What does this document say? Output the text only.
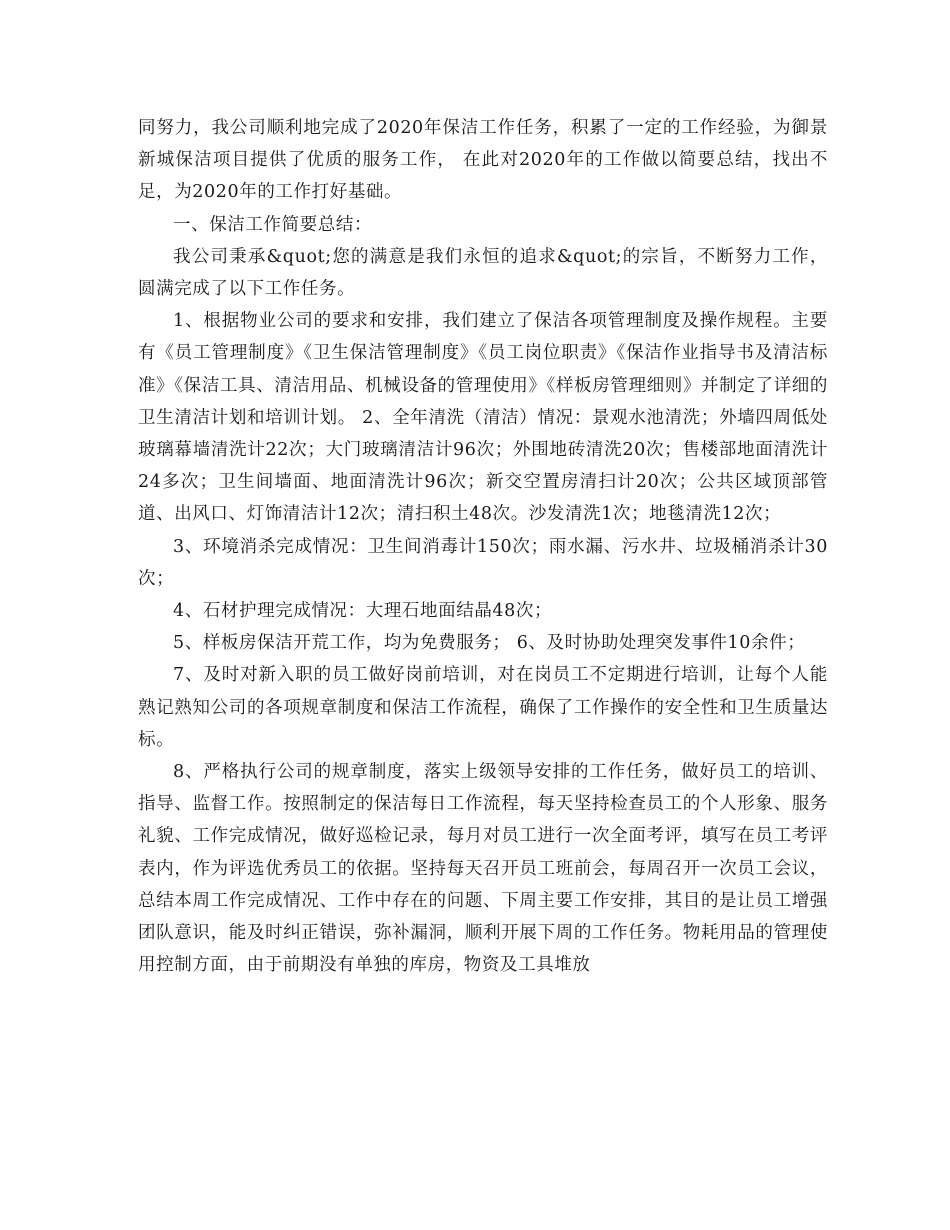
同努力，我公司顺利地完成了2020年保洁工作任务，积累了一定的工作经验，为御景新城保洁项目提供了优质的服务工作， 在此对2020年的工作做以简要总结，找出不足，为2020年的工作打好基础。

一、保洁工作简要总结：

我公司秉承&quot;您的满意是我们永恒的追求&quot;的宗旨，不断努力工作，圆满完成了以下工作任务。

1、根据物业公司的要求和安排，我们建立了保洁各项管理制度及操作规程。主要有《员工管理制度》《卫生保洁管理制度》《员工岗位职责》《保洁作业指导书及清洁标准》《保洁工具、清洁用品、机械设备的管理使用》《样板房管理细则》并制定了详细的卫生清洁计划和培训计划。 2、全年清洗（清洁）情况：景观水池清洗；外墙四周低处玻璃幕墙清洗计22次；大门玻璃清洁计96次；外围地砖清洗20次；售楼部地面清洗计24多次；卫生间墙面、地面清洗计96次；新交空置房清扫计20次；公共区域顶部管道、出风口、灯饰清洁计12次；清扫积土48次。沙发清洗1次；地毯清洗12次；

3、环境消杀完成情况：卫生间消毒计150次；雨水漏、污水井、垃圾桶消杀计30次；

4、石材护理完成情况：大理石地面结晶48次；

5、样板房保洁开荒工作，均为免费服务； 6、及时协助处理突发事件10余件；

7、及时对新入职的员工做好岗前培训，对在岗员工不定期进行培训，让每个人能熟记熟知公司的各项规章制度和保洁工作流程，确保了工作操作的安全性和卫生质量达标。

8、严格执行公司的规章制度，落实上级领导安排的工作任务，做好员工的培训、指导、监督工作。按照制定的保洁每日工作流程，每天坚持检查员工的个人形象、服务礼貌、工作完成情况，做好巡检记录，每月对员工进行一次全面考评，填写在员工考评表内，作为评选优秀员工的依据。坚持每天召开员工班前会，每周召开一次员工会议，总结本周工作完成情况、工作中存在的问题、下周主要工作安排，其目的是让员工增强团队意识，能及时纠正错误，弥补漏洞，顺利开展下周的工作任务。物耗用品的管理使用控制方面，由于前期没有单独的库房，物资及工具堆放
